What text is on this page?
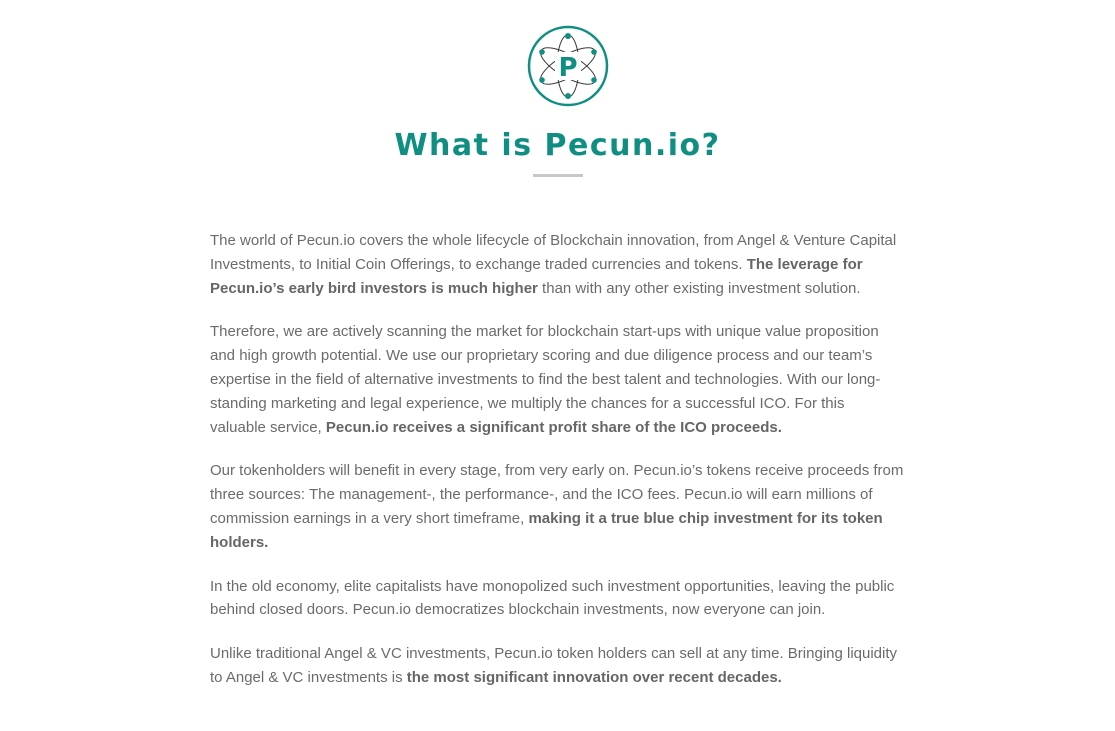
P
What is Pecun.io?

The world of Pecun.io covers the whole lifecycle of Blockchain innovation, from Angel & Venture Capital Investments, to Initial Coin Offerings, to exchange traded currencies and tokens. The leverage for Pecun.io’s early bird investors is much higher than with any other existing investment solution.

Therefore, we are actively scanning the market for blockchain start-ups with unique value proposition and high growth potential. We use our proprietary scoring and due diligence process and our team’s expertise in the field of alternative investments to find the best talent and technologies. With our long-standing marketing and legal experience, we multiply the chances for a successful ICO. For this valuable service, Pecun.io receives a significant profit share of the ICO proceeds.

Our tokenholders will benefit in every stage, from very early on. Pecun.io’s tokens receive proceeds from three sources: The management-, the performance-, and the ICO fees. Pecun.io will earn millions of commission earnings in a very short timeframe, making it a true blue chip investment for its token holders.

In the old economy, elite capitalists have monopolized such investment opportunities, leaving the public behind closed doors. Pecun.io democratizes blockchain investments, now everyone can join.

Unlike traditional Angel & VC investments, Pecun.io token holders can sell at any time. Bringing liquidity to Angel & VC investments is the most significant innovation over recent decades.
